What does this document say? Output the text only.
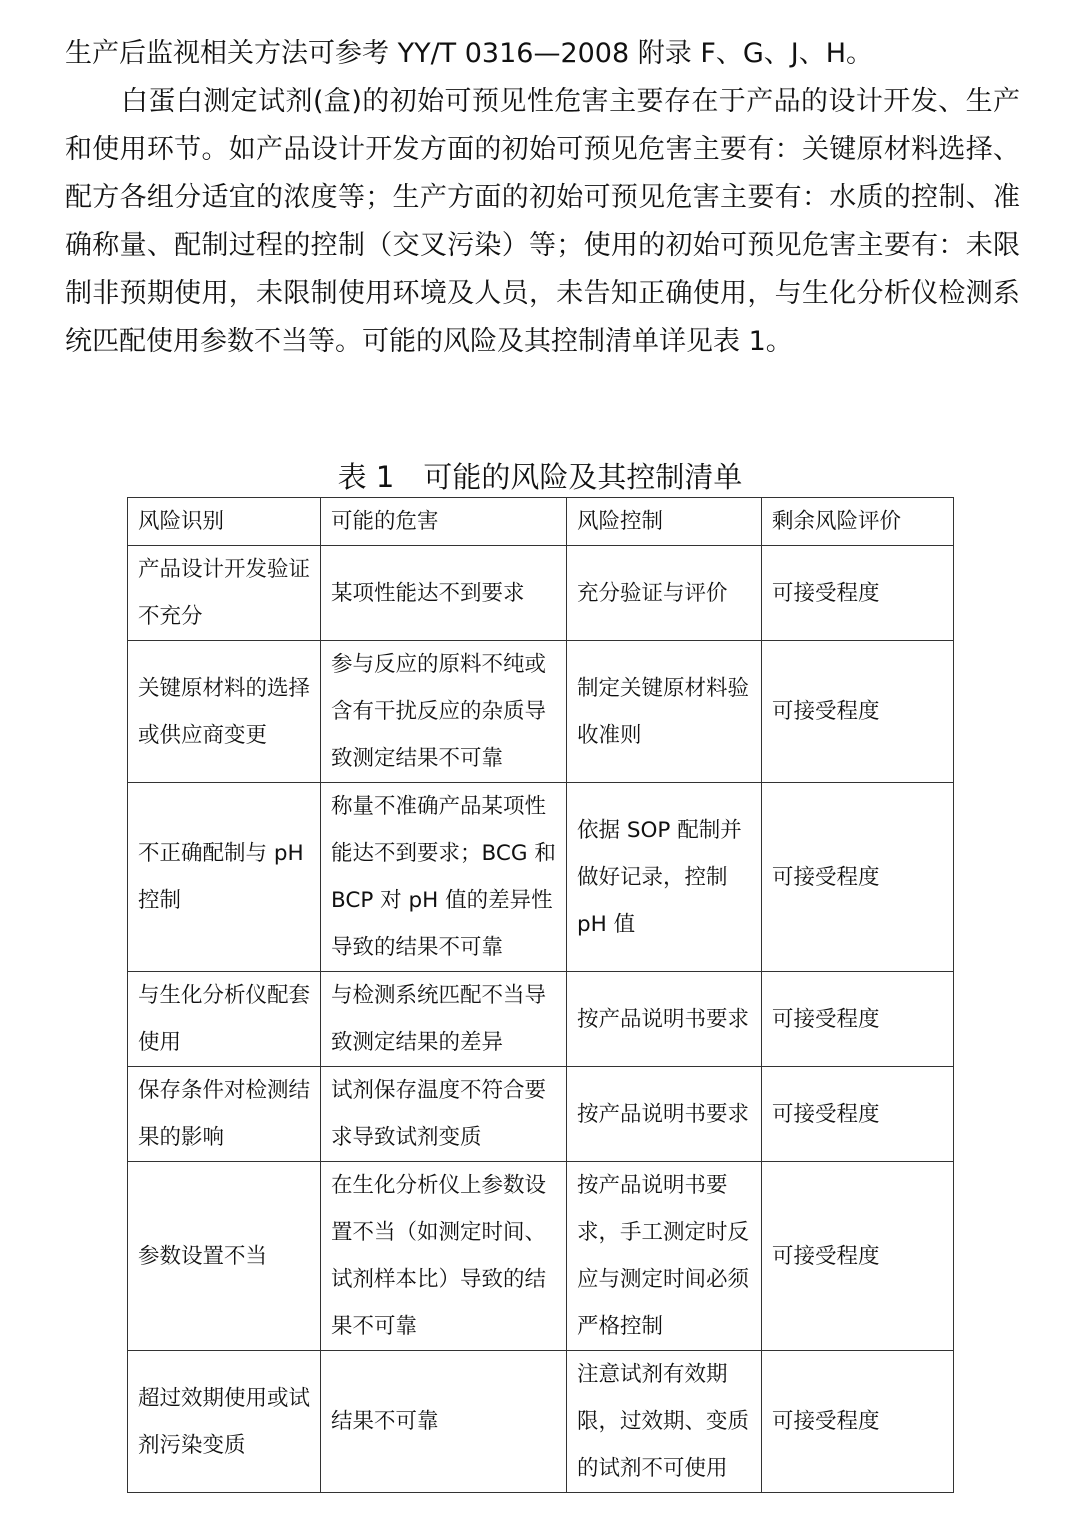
生产后监视相关方法可参考 YY/T 0316—2008 附录 F、G、J、H。

白蛋白测定试剂(盒)的初始可预见性危害主要存在于产品的设计开发、生产和使用环节。如产品设计开发方面的初始可预见危害主要有：关键原材料选择、配方各组分适宜的浓度等；生产方面的初始可预见危害主要有：水质的控制、准确称量、配制过程的控制（交叉污染）等；使用的初始可预见危害主要有：未限制非预期使用，未限制使用环境及人员，未告知正确使用，与生化分析仪检测系统匹配使用参数不当等。可能的风险及其控制清单详见表 1。

表 1　可能的风险及其控制清单
风险识别	可能的危害	风险控制	剩余风险评价
产品设计开发验证不充分	某项性能达不到要求	充分验证与评价	可接受程度
关键原材料的选择或供应商变更	参与反应的原料不纯或含有干扰反应的杂质导致测定结果不可靠	制定关键原材料验收准则	可接受程度
不正确配制与 pH 控制	称量不准确产品某项性能达不到要求；BCG 和 BCP 对 pH 值的差异性导致的结果不可靠	依据 SOP 配制并做好记录，控制 pH 值	可接受程度
与生化分析仪配套使用	与检测系统匹配不当导致测定结果的差异	按产品说明书要求	可接受程度
保存条件对检测结果的影响	试剂保存温度不符合要求导致试剂变质	按产品说明书要求	可接受程度
参数设置不当	在生化分析仪上参数设置不当（如测定时间、试剂样本比）导致的结果不可靠	按产品说明书要求，手工测定时反应与测定时间必须严格控制	可接受程度
超过效期使用或试剂污染变质	结果不可靠	注意试剂有效期限，过效期、变质的试剂不可使用	可接受程度
